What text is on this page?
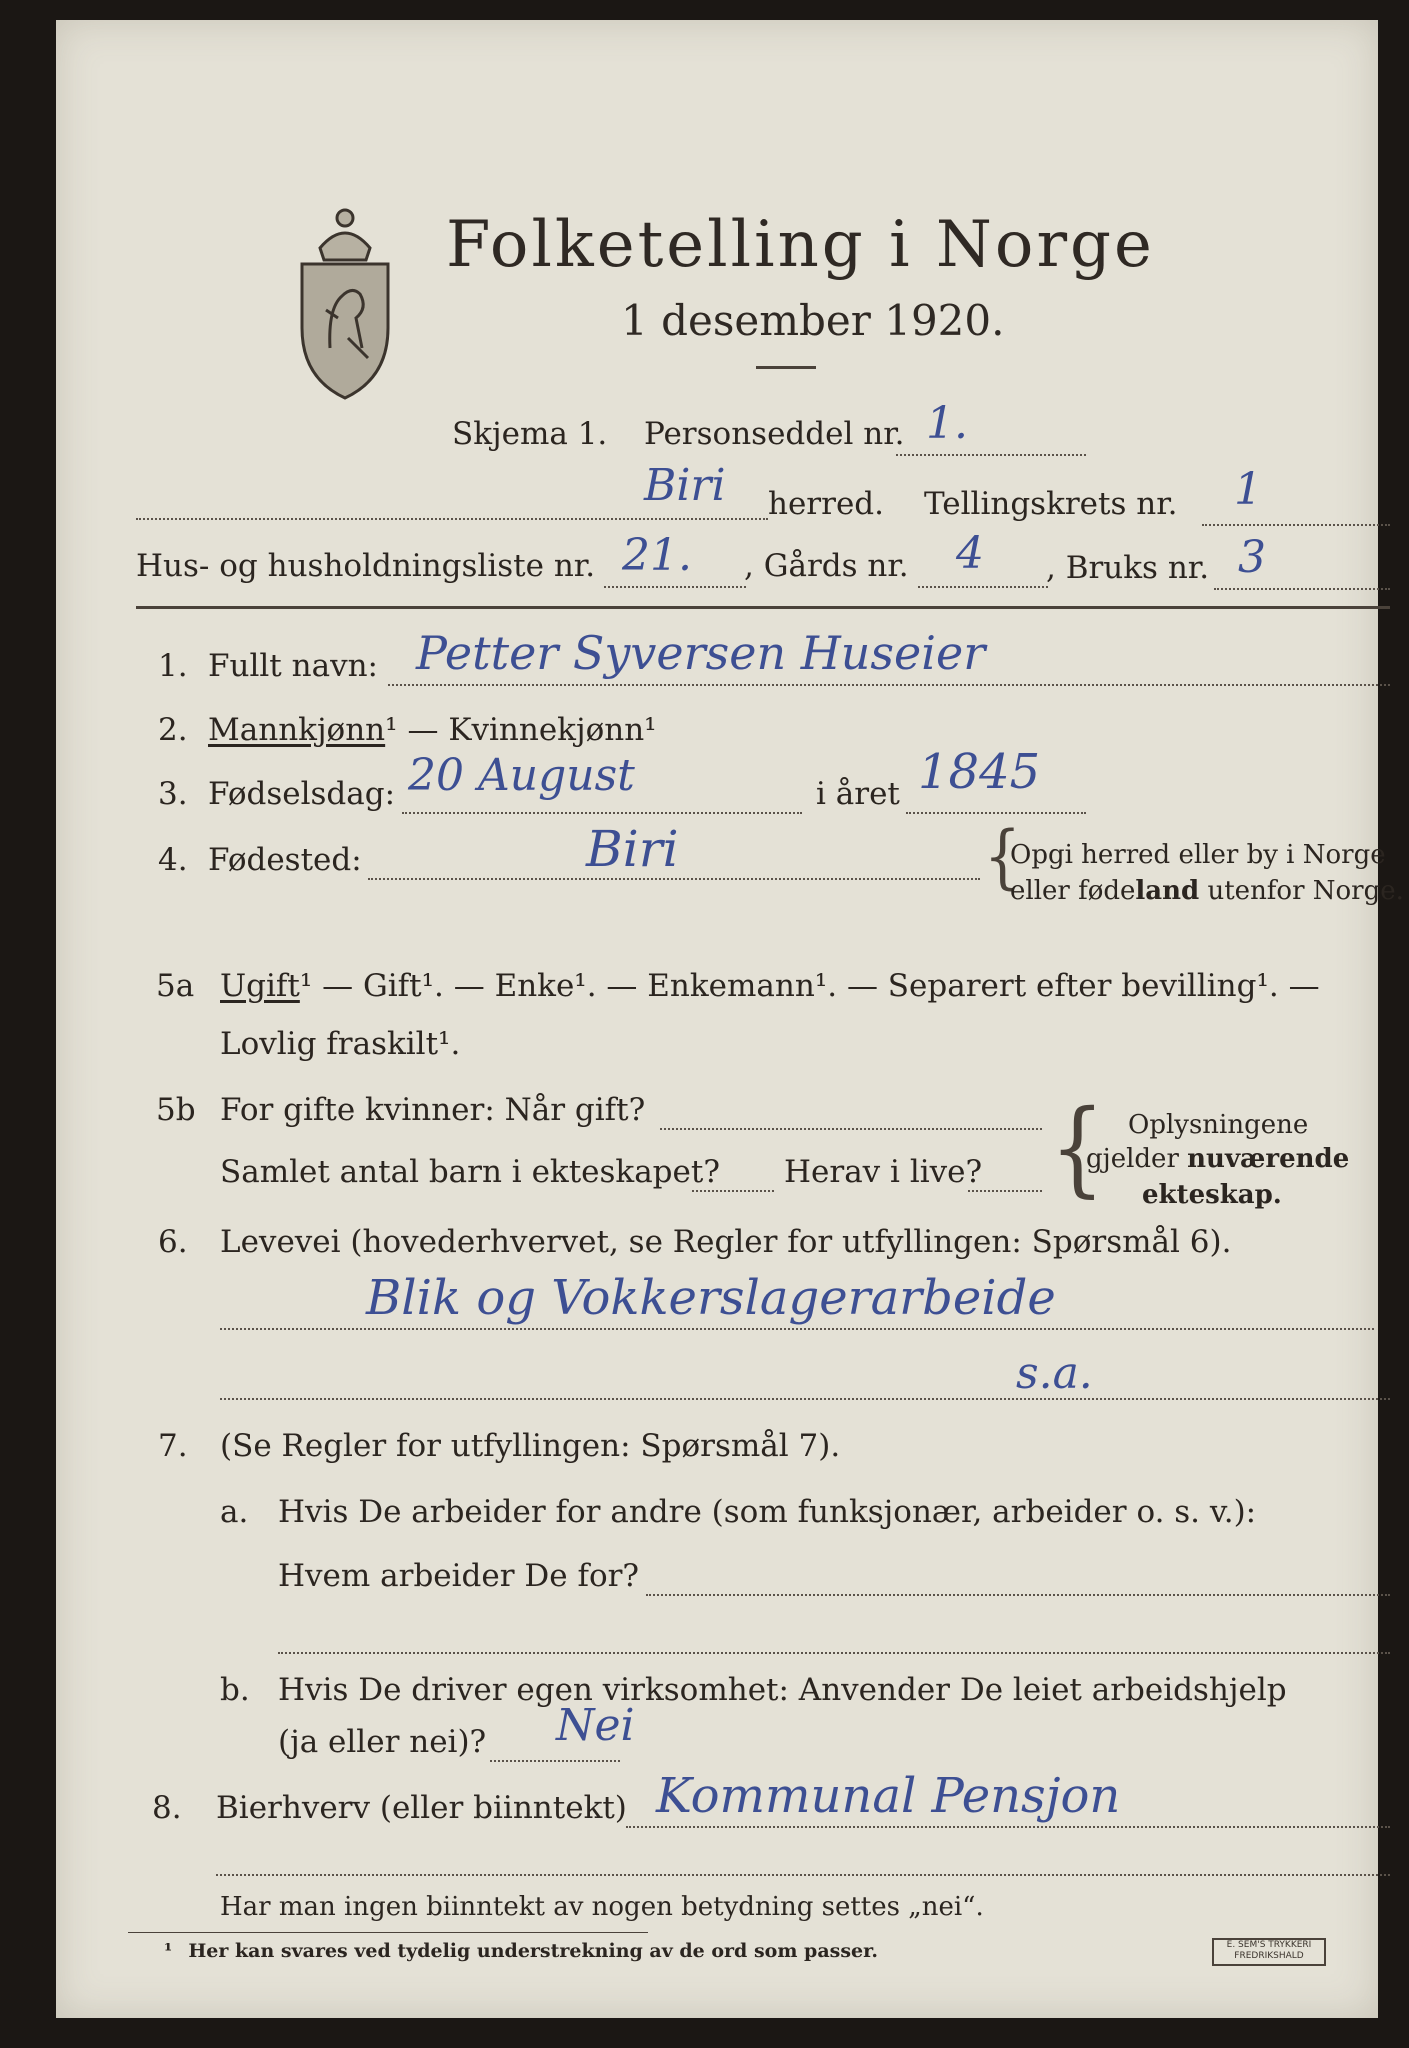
Folketelling i Norge
1 desember 1920.
Skjema 1. Personseddel nr. 1.
Biri herred. Tellingskrets nr. 1
Hus- og husholdningsliste nr. 21. , Gårds nr. 4 , Bruks nr. 3
1. Fullt navn: Petter Syversen Huseier
2. Mannkjønn¹ — Kvinnekjønn¹
3. Fødselsdag: 20 August	i året 1845
4. Fødested:	Biri	{
Opgi herred eller by i Norge
eller fødeland utenfor Norge.
5a Ugift¹ — Gift¹. — Enke¹. — Enkemann¹. — Separert efter bevilling¹. —
Lovlig fraskilt¹.
5b For gifte kvinner: Når gift?
Samlet antal barn i ekteskapet? Herav i live? { Oplysningene
gjelder nuværende
ekteskap.
6. Levevei (hovederhvervet, se Regler for utfyllingen: Spørsmål 6).
Blik og Vokkerslagerarbeide
s.a.
7. (Se Regler for utfyllingen: Spørsmål 7).
a. Hvis De arbeider for andre (som funksjonær, arbeider o. s. v.):
Hvem arbeider De for?
b. Hvis De driver egen virksomhet: Anvender De leiet arbeidshjelp
(ja eller nei)? Nei
8. Bierhverv (eller biinntekt) Kommunal Pensjon
Har man ingen biinntekt av nogen betydning settes „nei“.
¹ Her kan svares ved tydelig understrekning av de ord som passer.	E. SEM'S TRYKKERI
FREDRIKSHALD
